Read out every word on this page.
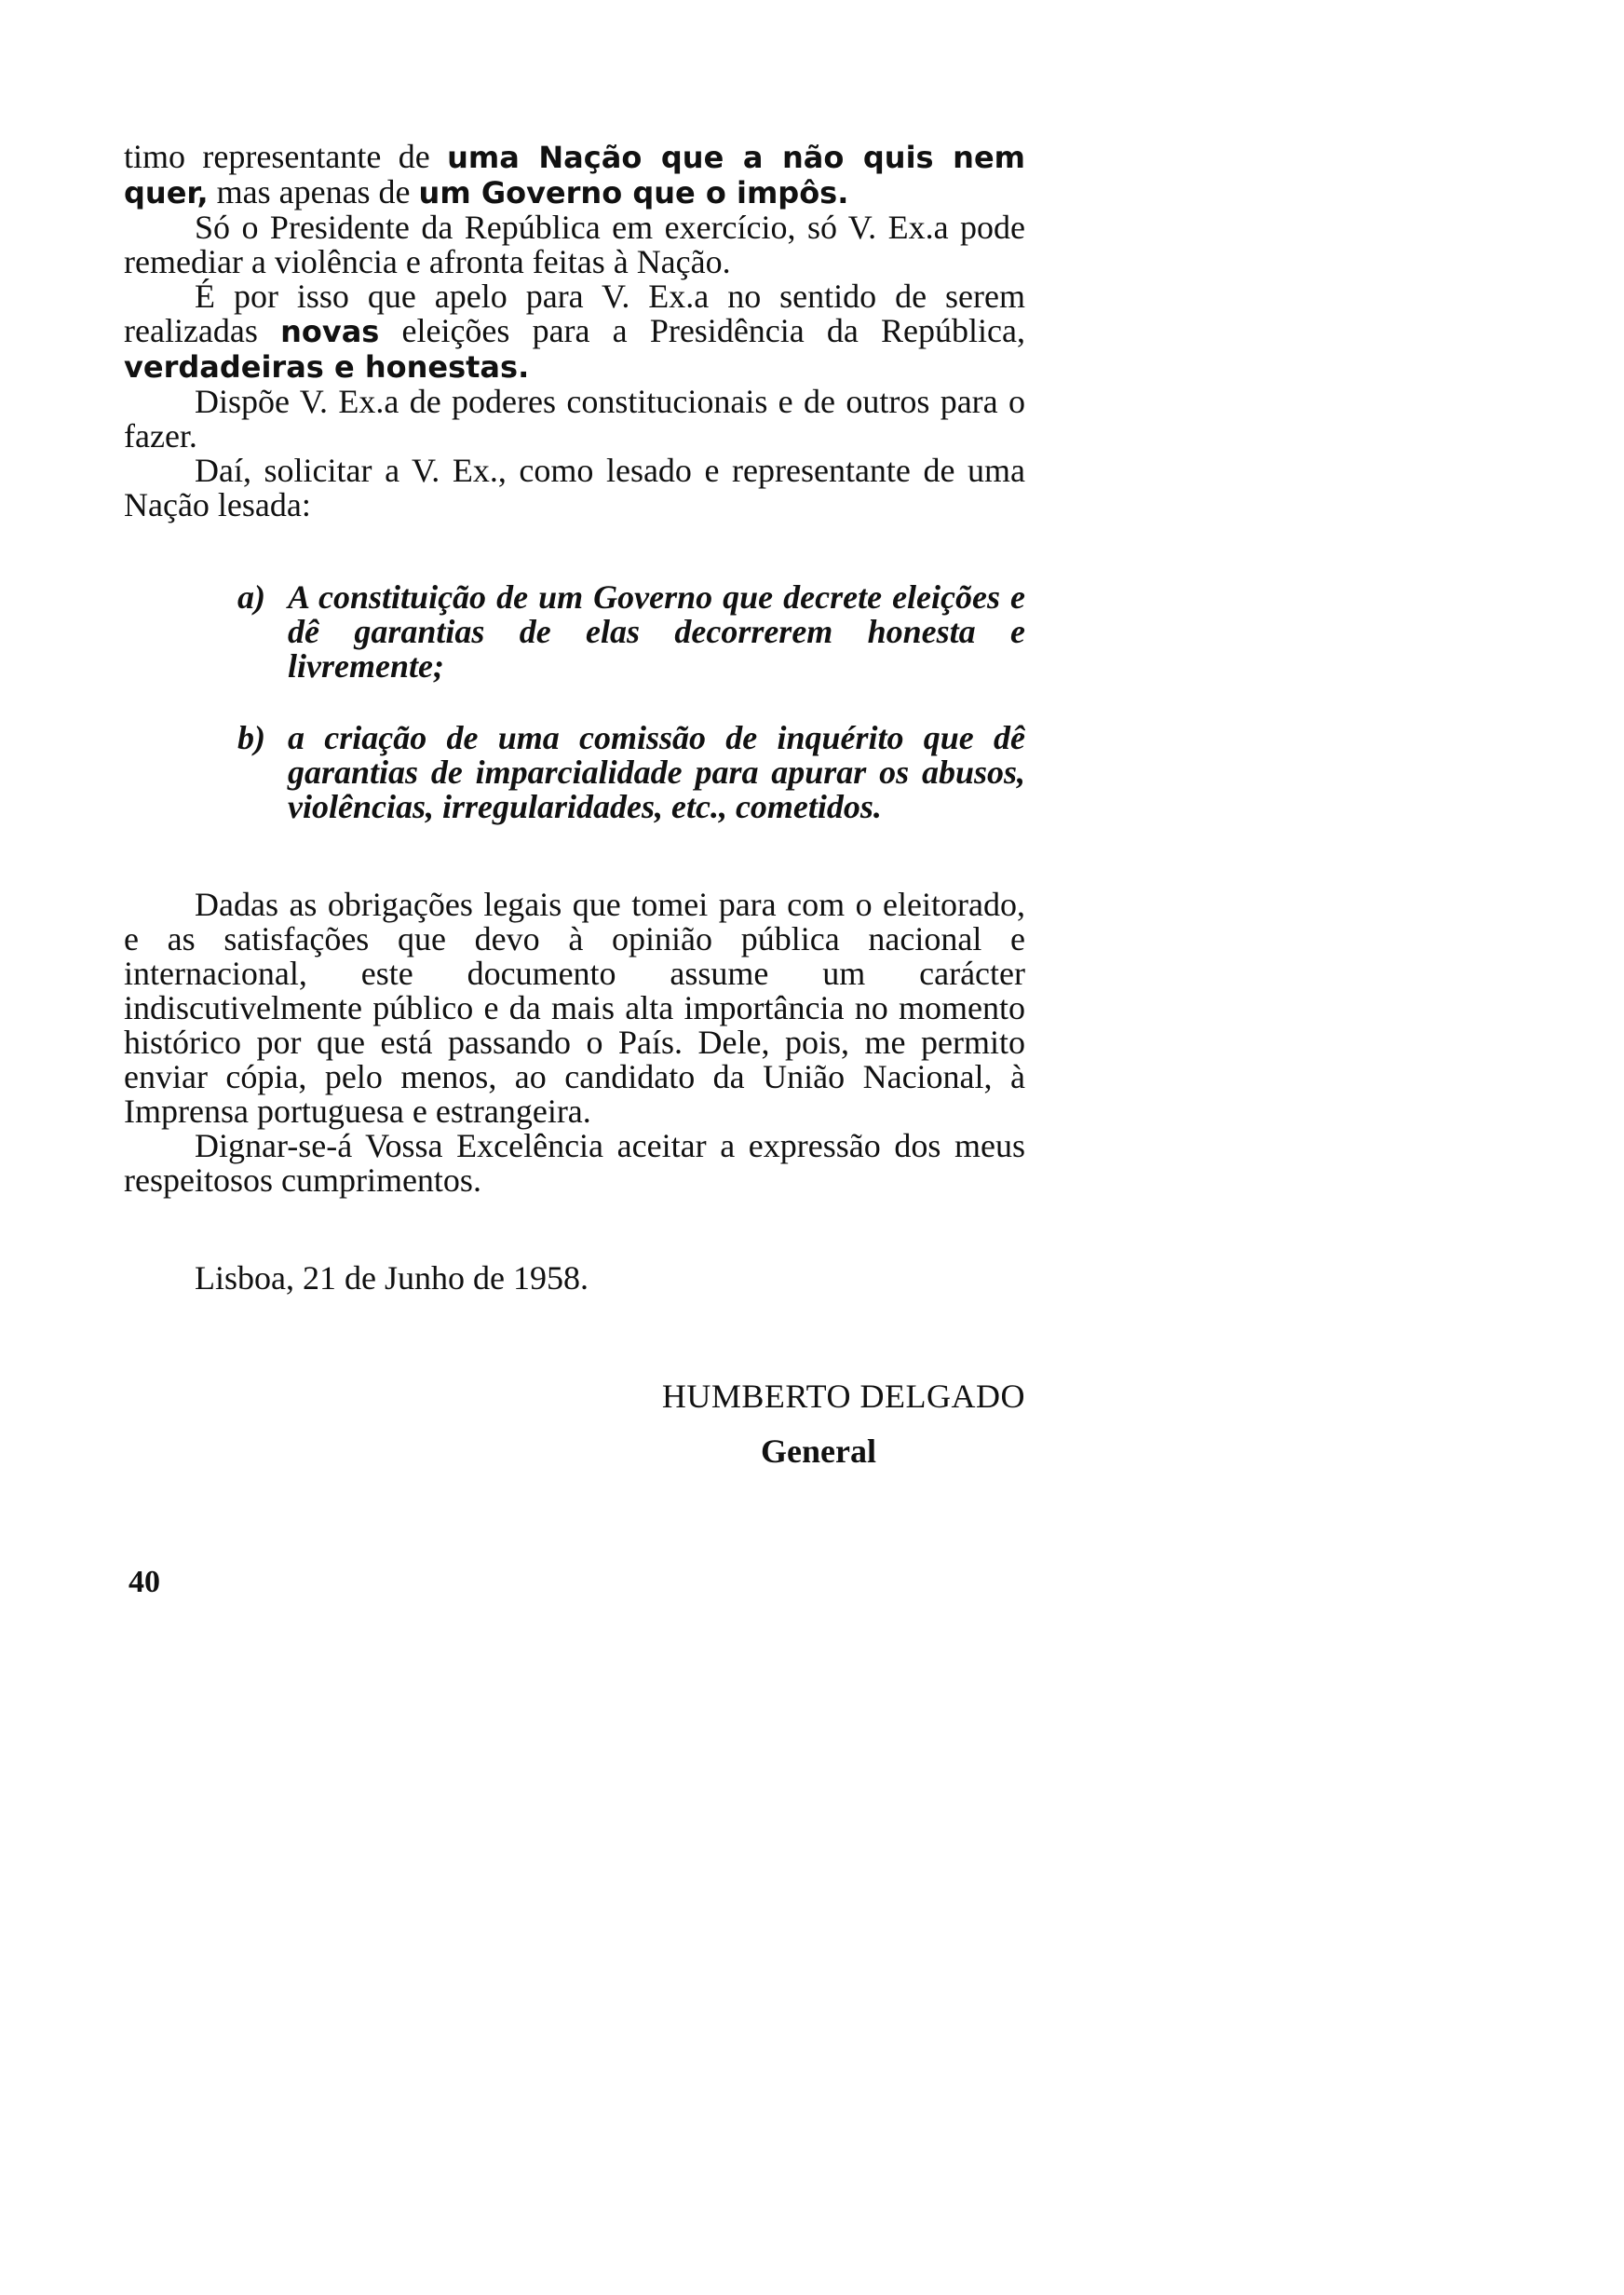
timo representante de uma Nação que a não quis nem quer, mas apenas de um Governo que o impôs.

Só o Presidente da República em exercício, só V. Ex.a pode remediar a violência e afronta feitas à Nação.

É por isso que apelo para V. Ex.a no sentido de serem realizadas novas eleições para a Presidência da República, verdadeiras e honestas.

Dispõe V. Ex.a de poderes constitucionais e de outros para o fazer.

Daí, solicitar a V. Ex., como lesado e representante de uma Nação lesada:

a) A constituição de um Governo que decrete eleições e dê garantias de elas decorrerem honesta e livremente;
b) a criação de uma comissão de inquérito que dê garantias de imparcialidade para apurar os abusos, violências, irregularidades, etc., cometidos.

Dadas as obrigações legais que tomei para com o eleitorado, e as satisfações que devo à opinião pública nacional e internacional, este documento assume um carácter indiscutivelmente público e da mais alta importância no momento histórico por que está passando o País. Dele, pois, me permito enviar cópia, pelo menos, ao candidato da União Nacional, à Imprensa portuguesa e estrangeira.

Dignar-se-á Vossa Excelência aceitar a expressão dos meus respeitosos cumprimentos.

Lisboa, 21 de Junho de 1958.

HUMBERTO DELGADO
General
40
